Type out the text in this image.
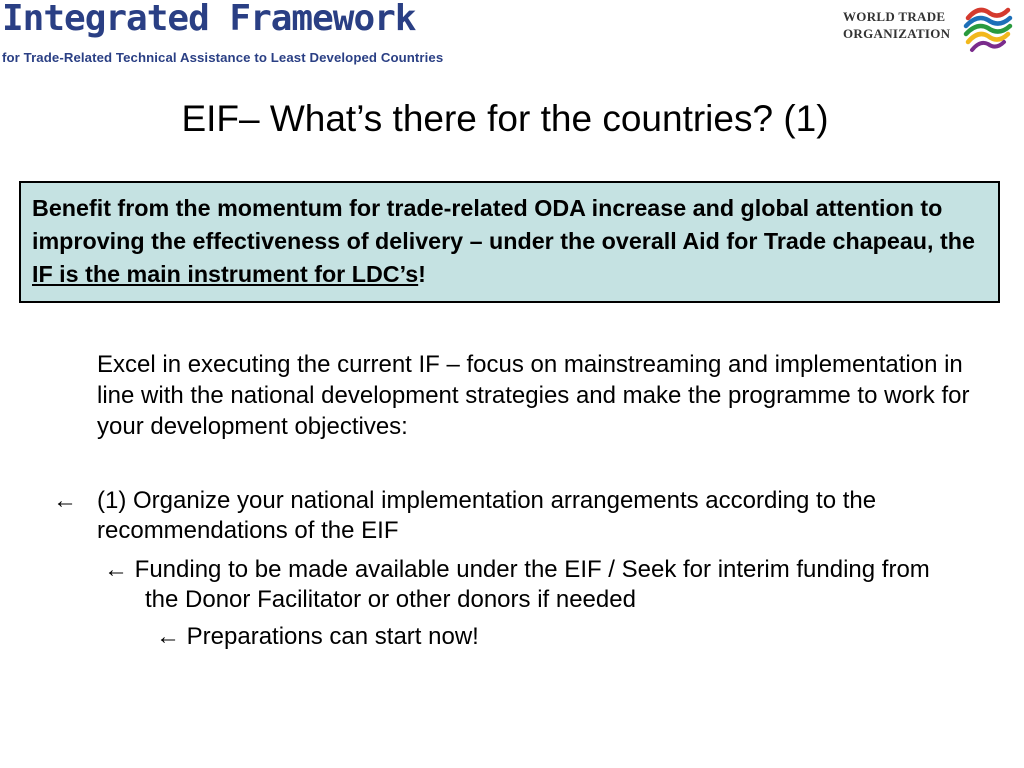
Integrated Framework
for Trade-Related Technical Assistance to Least Developed Countries
WORLD TRADE
ORGANIZATION
EIF– What’s there for the countries? (1)
Benefit from the momentum for trade-related ODA increase and global attention to improving the effectiveness of delivery – under the overall Aid for Trade chapeau, the IF is the main instrument for LDC’s!
Excel in executing the current IF – focus on mainstreaming and implementation in line with the national development strategies and make the programme to work for your development objectives:
← (1) Organize your national implementation arrangements according to the recommendations of the EIF
← Funding to be made available under the EIF / Seek for interim funding from the Donor Facilitator or other donors if needed
← Preparations can start now!
